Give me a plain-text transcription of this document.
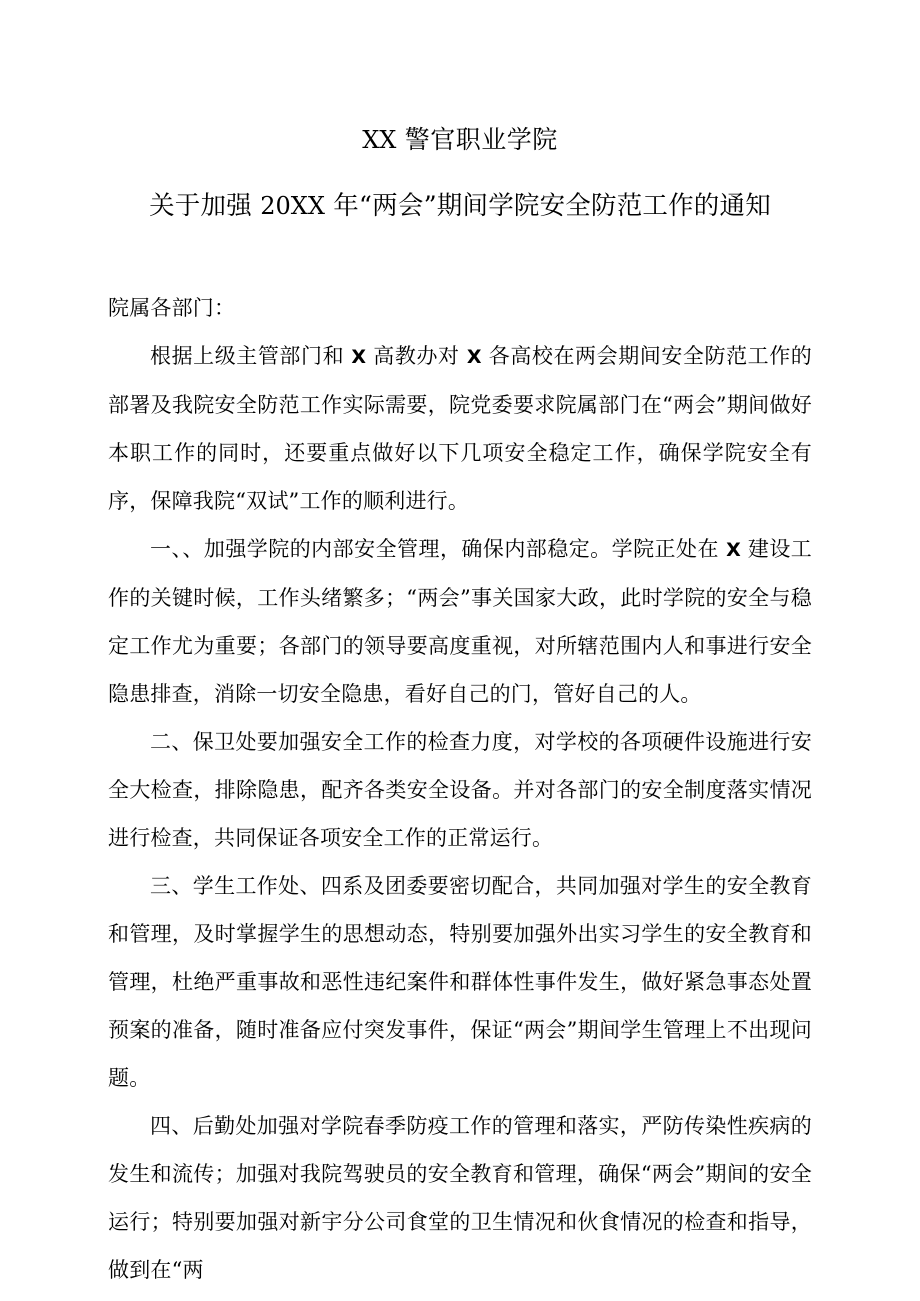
XX 警官职业学院
关于加强 20XX 年“两会”期间学院安全防范工作的通知

院属各部门：

根据上级主管部门和 X 高教办对 X 各高校在两会期间安全防范工作的部署及我院安全防范工作实际需要，院党委要求院属部门在“两会”期间做好本职工作的同时，还要重点做好以下几项安全稳定工作，确保学院安全有序，保障我院“双试”工作的顺利进行。

一、、加强学院的内部安全管理，确保内部稳定。学院正处在 X 建设工作的关键时候，工作头绪繁多；“两会”事关国家大政，此时学院的安全与稳定工作尤为重要；各部门的领导要高度重视，对所辖范围内人和事进行安全隐患排查，消除一切安全隐患，看好自己的门，管好自己的人。

二、保卫处要加强安全工作的检查力度，对学校的各项硬件设施进行安全大检查，排除隐患，配齐各类安全设备。并对各部门的安全制度落实情况进行检查，共同保证各项安全工作的正常运行。

三、学生工作处、四系及团委要密切配合，共同加强对学生的安全教育和管理，及时掌握学生的思想动态，特别要加强外出实习学生的安全教育和管理，杜绝严重事故和恶性违纪案件和群体性事件发生，做好紧急事态处置预案的准备，随时准备应付突发事件，保证“两会”期间学生管理上不出现问题。

四、后勤处加强对学院春季防疫工作的管理和落实，严防传染性疾病的发生和流传；加强对我院驾驶员的安全教育和管理，确保“两会”期间的安全运行；特别要加强对新宇分公司食堂的卫生情况和伙食情况的检查和指导，做到在“两
